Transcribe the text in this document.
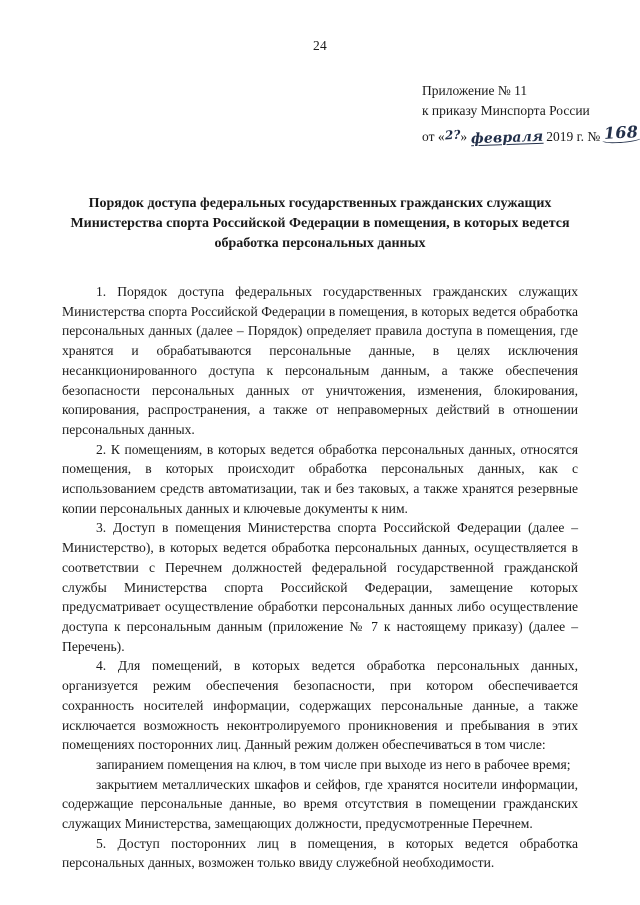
24
Приложение № 11
к приказу Минспорта России
от «2?» февраля 2019 г. № 168
Порядок доступа федеральных государственных гражданских служащих
Министерства спорта Российской Федерации в помещения, в которых ведется
обработка персональных данных

1. Порядок доступа федеральных государственных гражданских служащих Министерства спорта Российской Федерации в помещения, в которых ведется обработка персональных данных (далее – Порядок) определяет правила доступа в помещения, где хранятся и обрабатываются персональные данные, в целях исключения несанкционированного доступа к персональным данным, а также обеспечения безопасности персональных данных от уничтожения, изменения, блокирования, копирования, распространения, а также от неправомерных действий в отношении персональных данных.

2. К помещениям, в которых ведется обработка персональных данных, относятся помещения, в которых происходит обработка персональных данных, как с использованием средств автоматизации, так и без таковых, а также хранятся резервные копии персональных данных и ключевые документы к ним.

3. Доступ в помещения Министерства спорта Российской Федерации (далее – Министерство), в которых ведется обработка персональных данных, осуществляется в соответствии с Перечнем должностей федеральной государственной гражданской службы Министерства спорта Российской Федерации, замещение которых предусматривает осуществление обработки персональных данных либо осуществление доступа к персональным данным (приложение № 7 к настоящему приказу) (далее – Перечень).

4. Для помещений, в которых ведется обработка персональных данных, организуется режим обеспечения безопасности, при котором обеспечивается сохранность носителей информации, содержащих персональные данные, а также исключается возможность неконтролируемого проникновения и пребывания в этих помещениях посторонних лиц. Данный режим должен обеспечиваться в том числе:

запиранием помещения на ключ, в том числе при выходе из него в рабочее время;

закрытием металлических шкафов и сейфов, где хранятся носители информации, содержащие персональные данные, во время отсутствия в помещении гражданских служащих Министерства, замещающих должности, предусмотренные Перечнем.

5. Доступ посторонних лиц в помещения, в которых ведется обработка персональных данных, возможен только ввиду служебной необходимости.
